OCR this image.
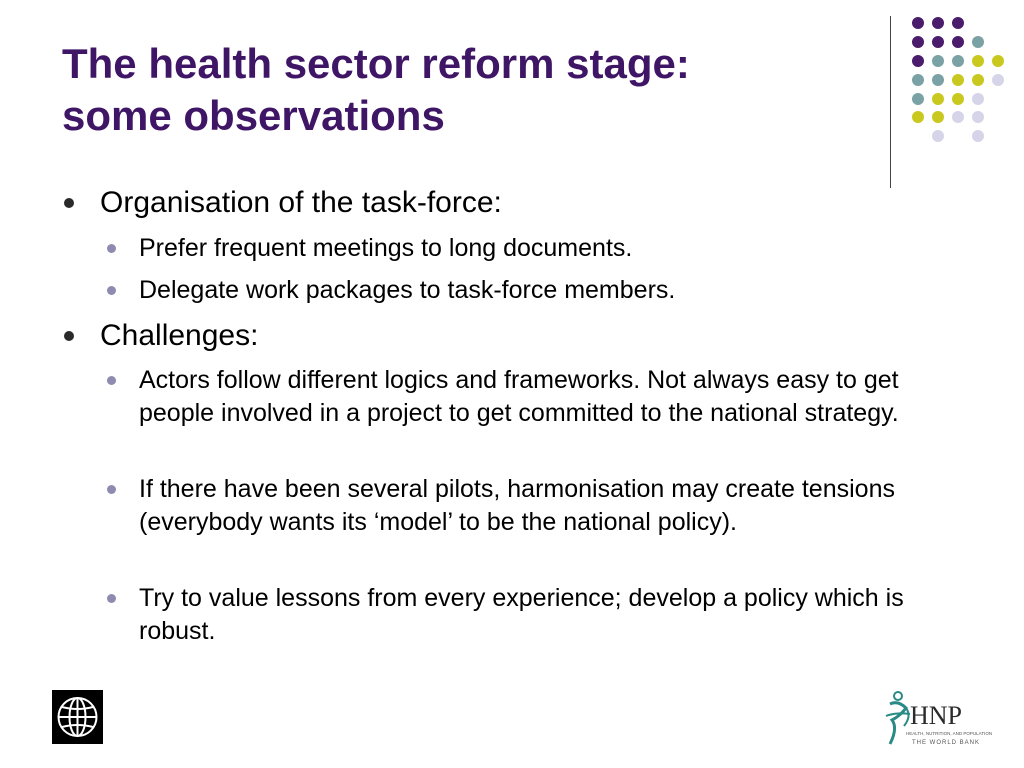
The health sector reform stage:
some observations
Organisation of the task-force:
Prefer frequent meetings to long documents.
Delegate work packages to task-force members.
Challenges:
Actors follow different logics and frameworks. Not always easy to get people involved in a project to get committed to the national strategy.
If there have been several pilots, harmonisation may create tensions (everybody wants its ‘model’ to be the national policy).
Try to value lessons from every experience; develop a policy which is robust.
HNP
HEALTH, NUTRITION, AND POPULATION
THE WORLD BANK
